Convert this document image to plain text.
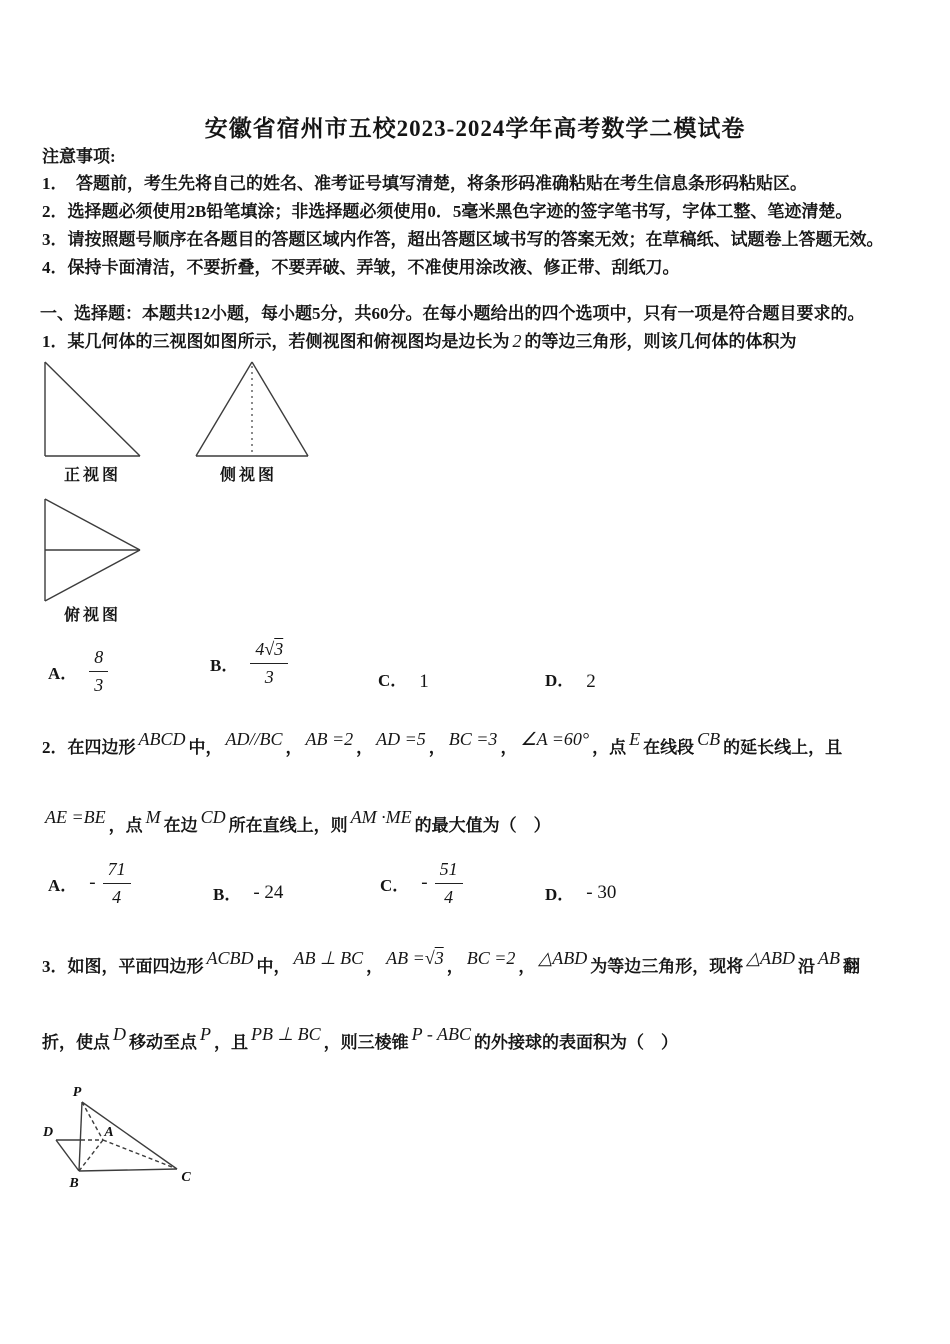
安徽省宿州市五校2023-2024学年高考数学二模试卷
注意事项:
1．　答题前，考生先将自己的姓名、准考证号填写清楚，将条形码准确粘贴在考生信息条形码粘贴区。
2．选择题必须使用2B铅笔填涂；非选择题必须使用0．5毫米黑色字迹的签字笔书写，字体工整、笔迹清楚。
3．请按照题号顺序在各题目的答题区域内作答，超出答题区域书写的答案无效；在草稿纸、试题卷上答题无效。
4．保持卡面清洁，不要折叠，不要弄破、弄皱，不准使用涂改液、修正带、刮纸刀。
一、选择题：本题共12小题，每小题5分，共60分。在每小题给出的四个选项中，只有一项是符合题目要求的。
1．某几何体的三视图如图所示，若侧视图和俯视图均是边长为 2 的等边三角形，则该几何体的体积为
正视图	侧视图
俯视图
A． $\frac{8}{3}$	B． $\frac{4√3}{3}$	C． 1	D． 2
2．在四边形 ABCD 中， AD//BC ， AB =2 ， AD =5 ， BC =3 ， ∠A =60° ，点 E 在线段 CB 的延长线上，且
AE =BE ，点 M 在边 CD 所在直线上，则 AM ·ME 的最大值为（　）
A． - $\frac{71}{4}$	B． - 24	C． - $\frac{51}{4}$	D． - 30
3．如图，平面四边形 ACBD 中， AB ⊥ BC ， AB =√3 ， BC =2 ， △ABD 为等边三角形，现将 △ABD 沿 AB 翻
折，使点 D 移动至点 P ，且 PB ⊥ BC ，则三棱锥 P - ABC 的外接球的表面积为（　）
P
D	A
B	C
